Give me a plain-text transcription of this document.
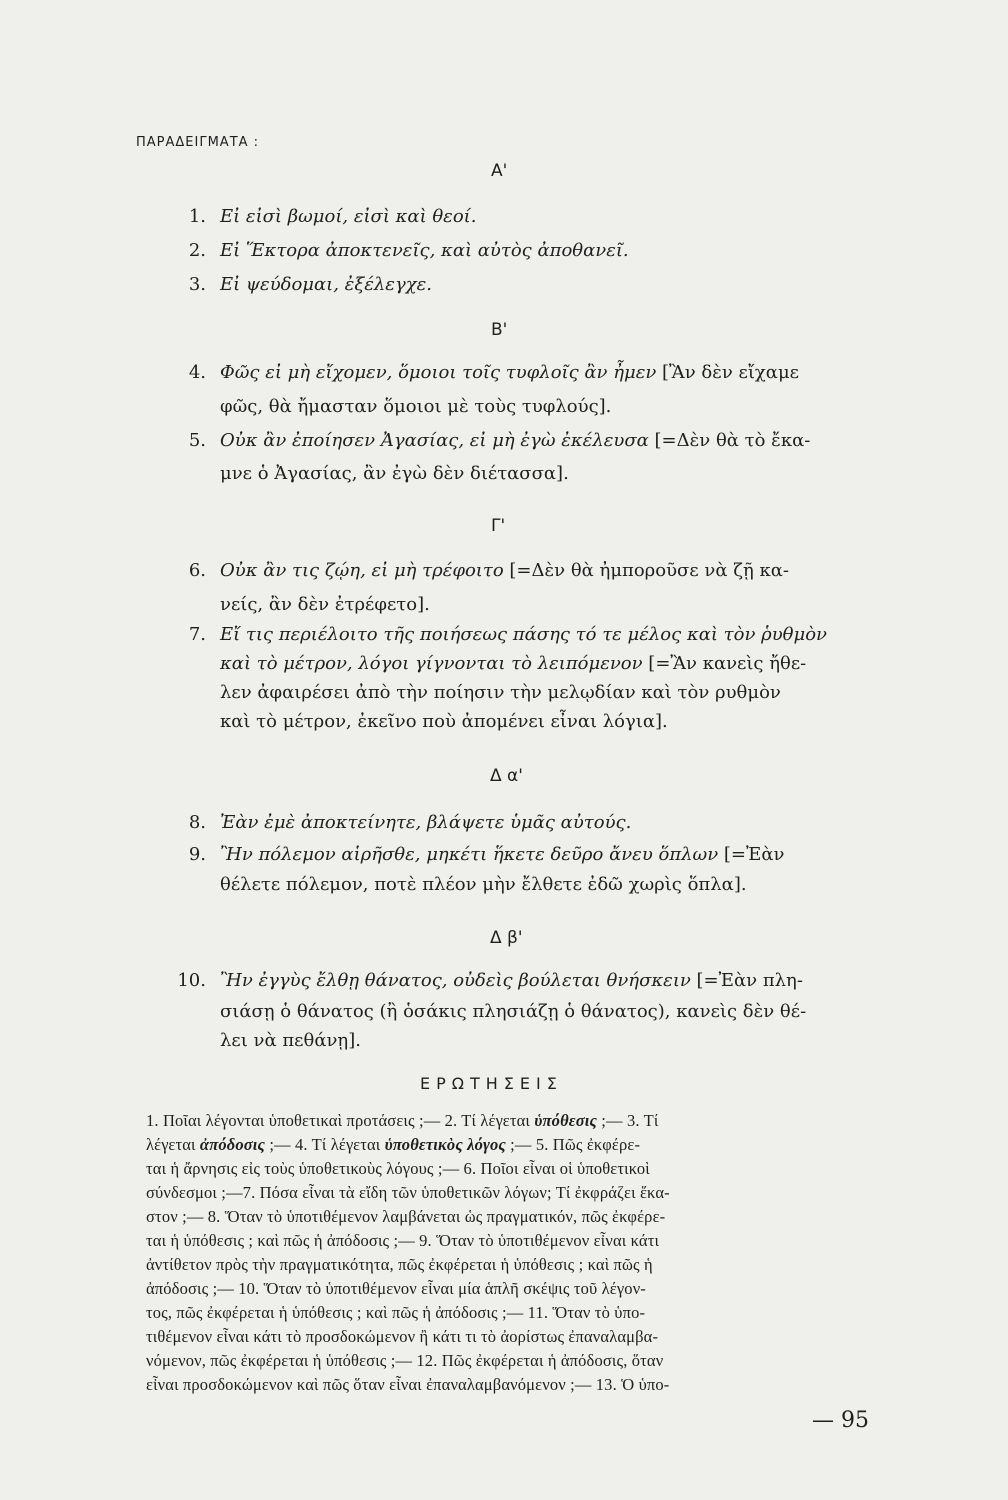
ΠΑΡΑΔΕΙΓΜΑΤΑ :
Α'
1. Εἰ εἰσὶ βωμοί, εἰσὶ καὶ θεοί.
2. Εἰ Ἕκτορα ἀποκτενεῖς, καὶ αὐτὸς ἀποθανεῖ.
3. Εἰ ψεύδομαι, ἐξέλεγχε.
Β'
4. Φῶς εἰ μὴ εἴχομεν, ὅμοιοι τοῖς τυφλοῖς ἂν ἦμεν [Ἂν δὲν εἴχαμε
φῶς, θὰ ἤμασταν ὅμοιοι μὲ τοὺς τυφλούς].
5. Οὐκ ἂν ἐποίησεν Ἀγασίας, εἰ μὴ ἐγὼ ἐκέλευσα [=Δὲν θὰ τὸ ἔκα-
μνε ὁ Ἀγασίας, ἂν ἐγὼ δὲν διέτασσα].
Γ'
6. Οὐκ ἂν τις ζῴη, εἰ μὴ τρέφοιτο [=Δὲν θὰ ἠμποροῦσε νὰ ζῇ κα-
νείς, ἂν δὲν ἐτρέφετο].
7. Εἴ τις περιέλοιτο τῆς ποιήσεως πάσης τό τε μέλος καὶ τὸν ῥυθμὸν
καὶ τὸ μέτρον, λόγοι γίγνονται τὸ λειπόμενον [=Ἂν κανεὶς ἤθε-
λεν ἀφαιρέσει ἀπὸ τὴν ποίησιν τὴν μελῳδίαν καὶ τὸν ρυθμὸν
καὶ τὸ μέτρον, ἐκεῖνο ποὺ ἀπομένει εἶναι λόγια].
Δ α'
8. Ἐὰν ἐμὲ ἀποκτείνητε, βλάψετε ὑμᾶς αὐτούς.
9. Ἢν πόλεμον αἱρῆσθε, μηκέτι ἥκετε δεῦρο ἄνευ ὅπλων [=Ἐὰν
θέλετε πόλεμον, ποτὲ πλέον μὴν ἔλθετε ἐδῶ χωρὶς ὅπλα].
Δ β'
10. Ἢν ἐγγὺς ἔλθῃ θάνατος, οὐδεὶς βούλεται θνήσκειν [=Ἐὰν πλη-
σιάσῃ ὁ θάνατος (ἢ ὁσάκις πλησιάζῃ ὁ θάνατος), κανεὶς δὲν θέ-
λει νὰ πεθάνῃ].
ΕΡΩΤΗΣΕΙΣ
1. Ποῖαι λέγονται ὑποθετικαὶ προτάσεις ;— 2. Τί λέγεται ὑπόθεσις ;— 3. Τί
λέγεται ἀπόδοσις ;— 4. Τί λέγεται ὑποθετικὸς λόγος ;— 5. Πῶς ἐκφέρε-
ται ἡ ἄρνησις εἰς τοὺς ὑποθετικοὺς λόγους ;— 6. Ποῖοι εἶναι οἱ ὑποθετικοὶ
σύνδεσμοι ;—7. Πόσα εἶναι τὰ εἴδη τῶν ὑποθετικῶν λόγων; Τί ἐκφράζει ἕκα-
στον ;— 8. Ὅταν τὸ ὑποτιθέμενον λαμβάνεται ὡς πραγματικόν, πῶς ἐκφέρε-
ται ἡ ὑπόθεσις ; καὶ πῶς ἡ ἀπόδοσις ;— 9. Ὅταν τὸ ὑποτιθέμενον εἶναι κάτι
ἀντίθετον πρὸς τὴν πραγματικότητα, πῶς ἐκφέρεται ἡ ὑπόθεσις ; καὶ πῶς ἡ
ἀπόδοσις ;— 10. Ὅταν τὸ ὑποτιθέμενον εἶναι μία ἁπλῆ σκέψις τοῦ λέγον-
τος, πῶς ἐκφέρεται ἡ ὑπόθεσις ; καὶ πῶς ἡ ἀπόδοσις ;— 11. Ὅταν τὸ ὑπο-
τιθέμενον εἶναι κάτι τὸ προσδοκώμενον ἢ κάτι τι τὸ ἀορίστως ἐπαναλαμβα-
νόμενον, πῶς ἐκφέρεται ἡ ὑπόθεσις ;— 12. Πῶς ἐκφέρεται ἡ ἀπόδοσις, ὅταν
εἶναι προσδοκώμενον καὶ πῶς ὅταν εἶναι ἐπαναλαμβανόμενον ;— 13. Ὁ ὑπο-
— 95
